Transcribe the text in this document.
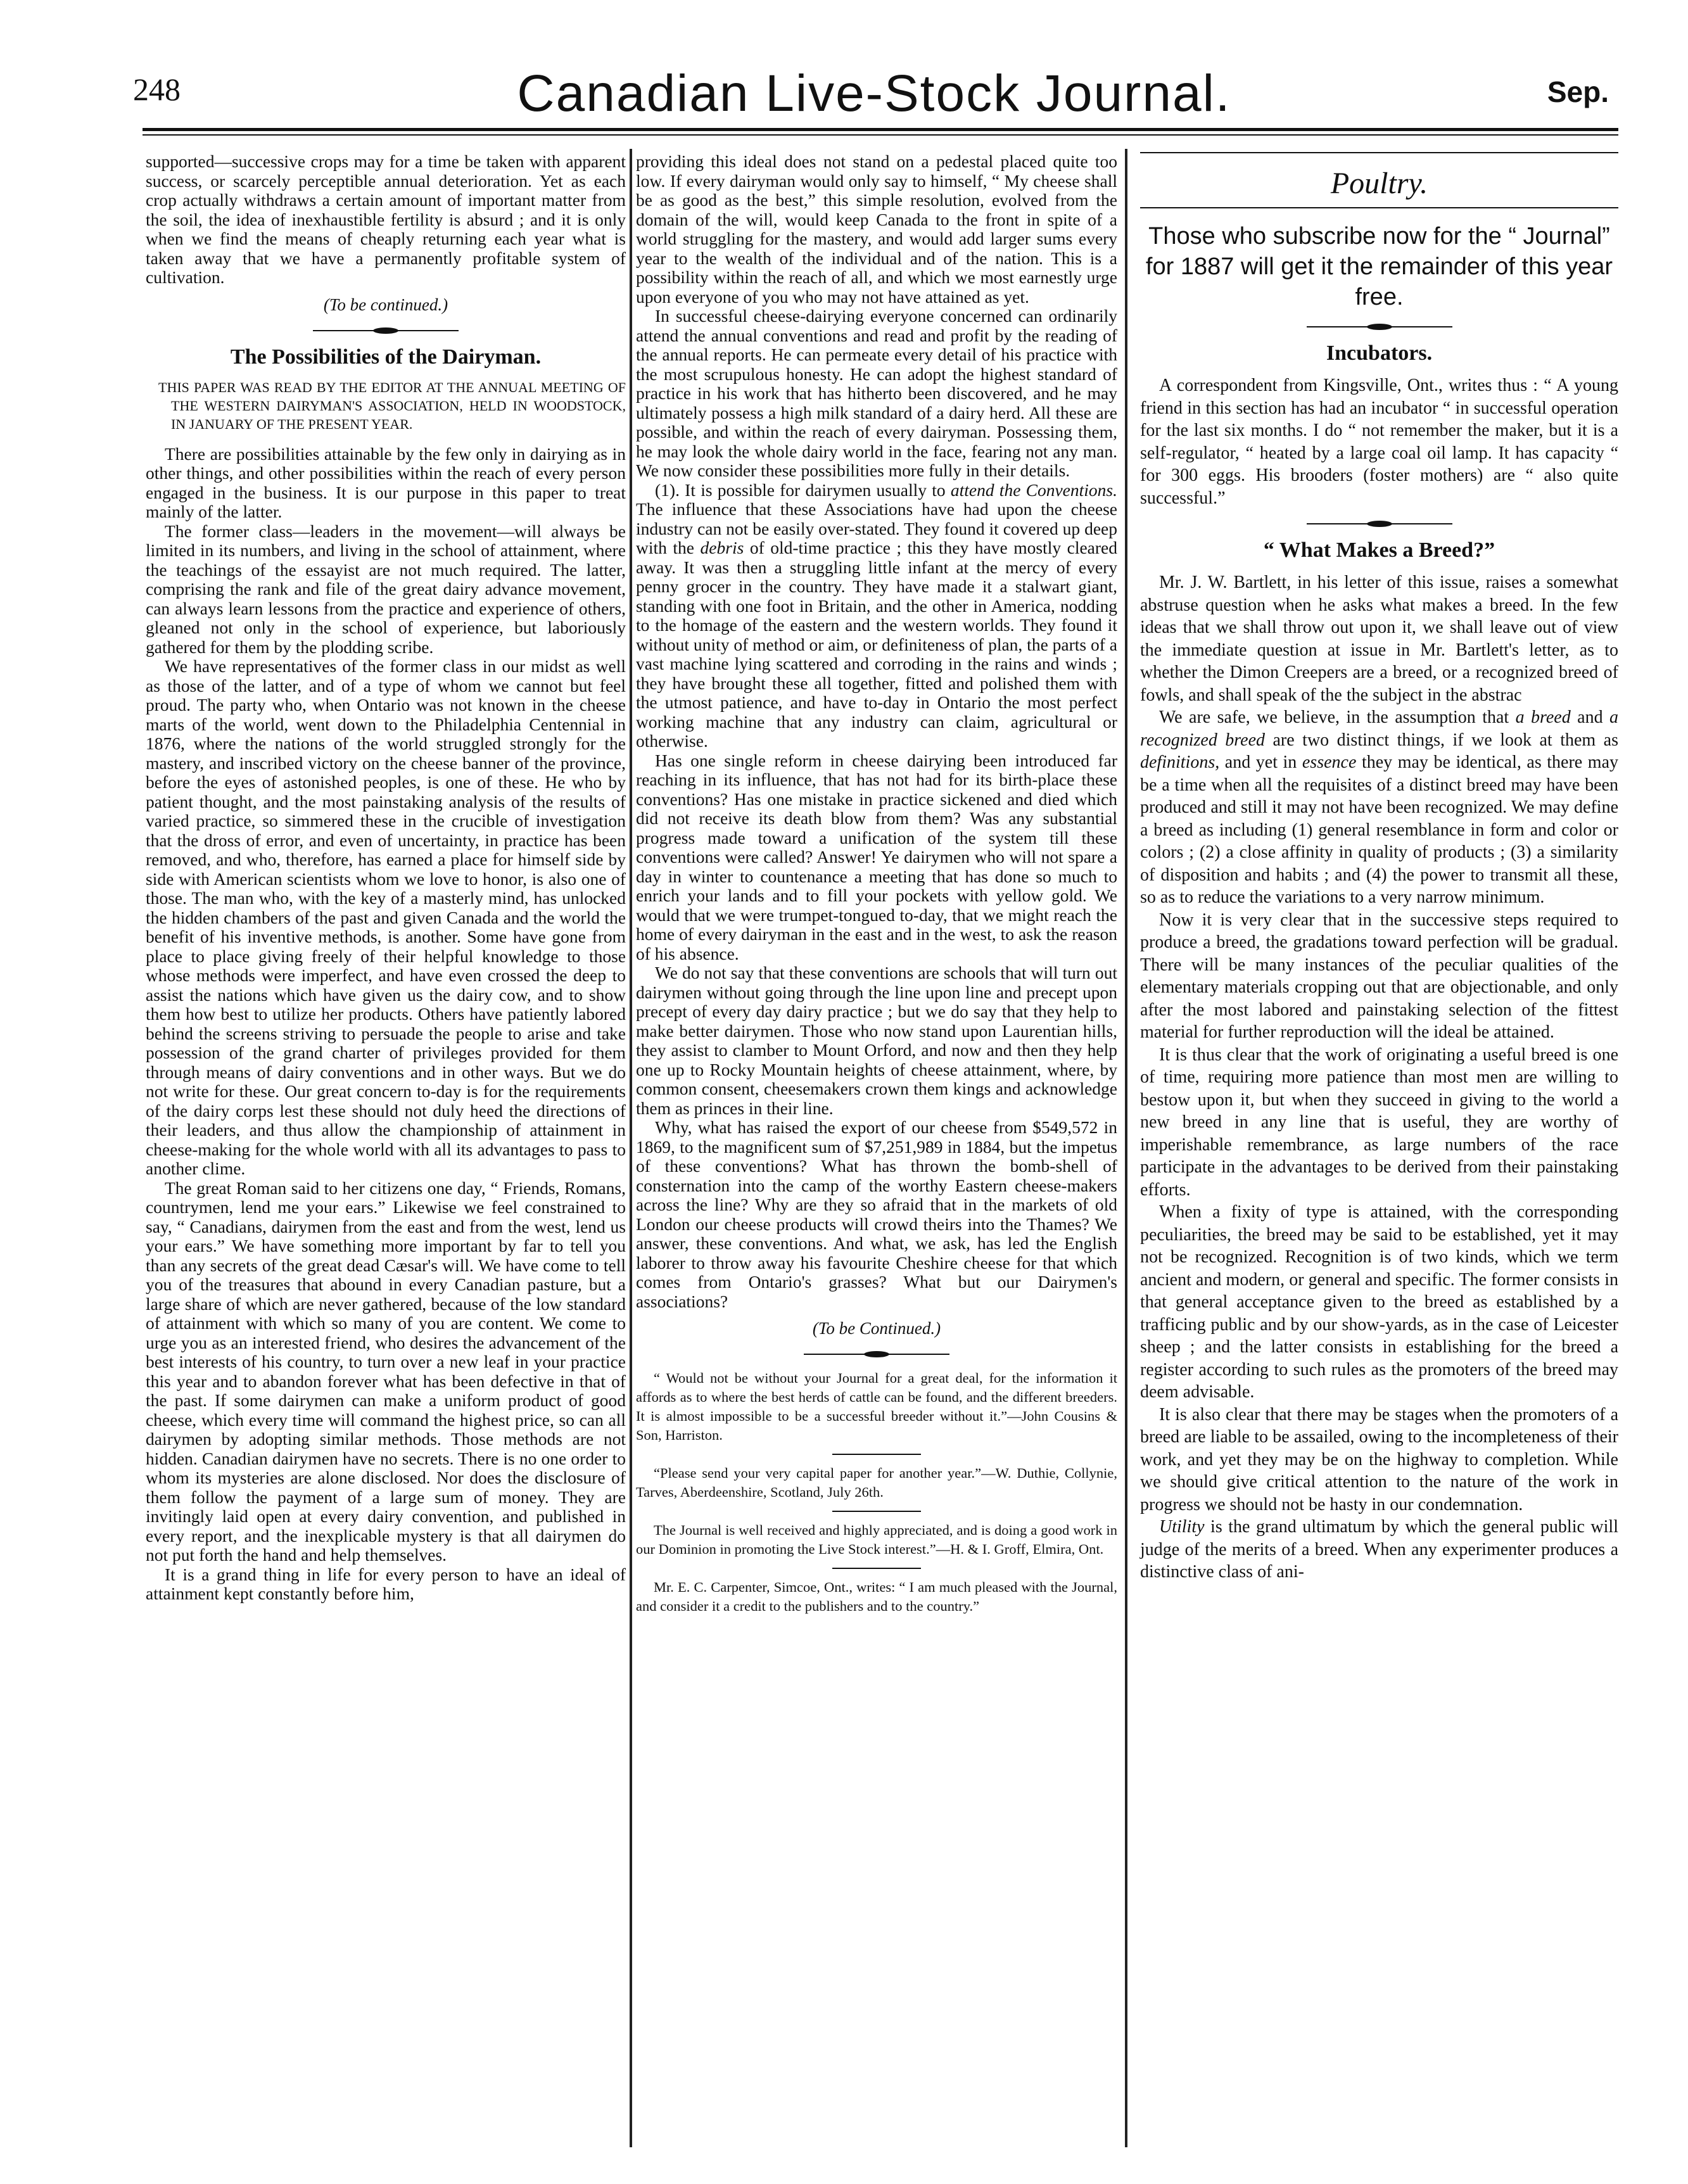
248	Canadian Live-Stock Journal.	Sep.

supported—successive crops may for a time be taken with apparent success, or scarcely perceptible annual deterioration. Yet as each crop actually withdraws a certain amount of important matter from the soil, the idea of inexhaustible fertility is absurd ; and it is only when we find the means of cheaply returning each year what is taken away that we have a permanently profitable system of cultivation.

(To be continued.)
The Possibilities of the Dairyman.
THIS PAPER WAS READ BY THE EDITOR AT THE ANNUAL MEETING OF THE WESTERN DAIRYMAN'S ASSOCIATION, HELD IN WOODSTOCK, IN JANUARY OF THE PRESENT YEAR.

There are possibilities attainable by the few only in dairying as in other things, and other possibilities within the reach of every person engaged in the business. It is our purpose in this paper to treat mainly of the latter.

The former class—leaders in the movement—will always be limited in its numbers, and living in the school of attainment, where the teachings of the essayist are not much required. The latter, comprising the rank and file of the great dairy advance movement, can always learn lessons from the practice and experience of others, gleaned not only in the school of experience, but laboriously gathered for them by the plodding scribe.

We have representatives of the former class in our midst as well as those of the latter, and of a type of whom we cannot but feel proud. The party who, when Ontario was not known in the cheese marts of the world, went down to the Philadelphia Centennial in 1876, where the nations of the world struggled strongly for the mastery, and inscribed victory on the cheese banner of the province, before the eyes of astonished peoples, is one of these. He who by patient thought, and the most painstaking analysis of the results of varied practice, so simmered these in the crucible of investigation that the dross of error, and even of uncertainty, in practice has been removed, and who, therefore, has earned a place for himself side by side with American scientists whom we love to honor, is also one of those. The man who, with the key of a masterly mind, has unlocked the hidden chambers of the past and given Canada and the world the benefit of his inventive methods, is another. Some have gone from place to place giving freely of their helpful knowledge to those whose methods were imperfect, and have even crossed the deep to assist the nations which have given us the dairy cow, and to show them how best to utilize her products. Others have patiently labored behind the screens striving to persuade the people to arise and take possession of the grand charter of privileges provided for them through means of dairy conventions and in other ways. But we do not write for these. Our great concern to-day is for the requirements of the dairy corps lest these should not duly heed the directions of their leaders, and thus allow the championship of attainment in cheese-making for the whole world with all its advantages to pass to another clime.

The great Roman said to her citizens one day, “ Friends, Romans, countrymen, lend me your ears.” Likewise we feel constrained to say, “ Canadians, dairymen from the east and from the west, lend us your ears.” We have something more important by far to tell you than any secrets of the great dead Cæsar's will. We have come to tell you of the treasures that abound in every Canadian pasture, but a large share of which are never gathered, because of the low standard of attainment with which so many of you are content. We come to urge you as an interested friend, who desires the advancement of the best interests of his country, to turn over a new leaf in your practice this year and to abandon forever what has been defective in that of the past. If some dairymen can make a uniform product of good cheese, which every time will command the highest price, so can all dairymen by adopting similar methods. Those methods are not hidden. Canadian dairymen have no secrets. There is no one order to whom its mysteries are alone disclosed. Nor does the disclosure of them follow the payment of a large sum of money. They are invitingly laid open at every dairy convention, and published in every report, and the inexplicable mystery is that all dairymen do not put forth the hand and help themselves.

It is a grand thing in life for every person to have an ideal of attainment kept constantly before him,

providing this ideal does not stand on a pedestal placed quite too low. If every dairyman would only say to himself, “ My cheese shall be as good as the best,” this simple resolution, evolved from the domain of the will, would keep Canada to the front in spite of a world struggling for the mastery, and would add larger sums every year to the wealth of the individual and of the nation. This is a possibility within the reach of all, and which we most earnestly urge upon everyone of you who may not have attained as yet.

In successful cheese-dairying everyone concerned can ordinarily attend the annual conventions and read and profit by the reading of the annual reports. He can permeate every detail of his practice with the most scrupulous honesty. He can adopt the highest standard of practice in his work that has hitherto been discovered, and he may ultimately possess a high milk standard of a dairy herd. All these are possible, and within the reach of every dairyman. Possessing them, he may look the whole dairy world in the face, fearing not any man. We now consider these possibilities more fully in their details.

(1). It is possible for dairymen usually to attend the Conventions. The influence that these Associations have had upon the cheese industry can not be easily over-stated. They found it covered up deep with the debris of old-time practice ; this they have mostly cleared away. It was then a struggling little infant at the mercy of every penny grocer in the country. They have made it a stalwart giant, standing with one foot in Britain, and the other in America, nodding to the homage of the eastern and the western worlds. They found it without unity of method or aim, or definiteness of plan, the parts of a vast machine lying scattered and corroding in the rains and winds ; they have brought these all together, fitted and polished them with the utmost patience, and have to-day in Ontario the most perfect working machine that any industry can claim, agricultural or otherwise.

Has one single reform in cheese dairying been introduced far reaching in its influence, that has not had for its birth-place these conventions? Has one mistake in practice sickened and died which did not receive its death blow from them? Was any substantial progress made toward a unification of the system till these conventions were called? Answer! Ye dairymen who will not spare a day in winter to countenance a meeting that has done so much to enrich your lands and to fill your pockets with yellow gold. We would that we were trumpet-tongued to-day, that we might reach the home of every dairyman in the east and in the west, to ask the reason of his absence.

We do not say that these conventions are schools that will turn out dairymen without going through the line upon line and precept upon precept of every day dairy practice ; but we do say that they help to make better dairymen. Those who now stand upon Laurentian hills, they assist to clamber to Mount Orford, and now and then they help one up to Rocky Mountain heights of cheese attainment, where, by common consent, cheesemakers crown them kings and acknowledge them as princes in their line.

Why, what has raised the export of our cheese from $549,572 in 1869, to the magnificent sum of $7,251,989 in 1884, but the impetus of these conventions? What has thrown the bomb-shell of consternation into the camp of the worthy Eastern cheese-makers across the line? Why are they so afraid that in the markets of old London our cheese products will crowd theirs into the Thames? We answer, these conventions. And what, we ask, has led the English laborer to throw away his favourite Cheshire cheese for that which comes from Ontario's grasses? What but our Dairymen's associations?

(To be Continued.)

“ Would not be without your Journal for a great deal, for the information it affords as to where the best herds of cattle can be found, and the different breeders. It is almost impossible to be a successful breeder without it.”—John Cousins & Son, Harriston.

“Please send your very capital paper for another year.”—W. Duthie, Collynie, Tarves, Aberdeenshire, Scotland, July 26th.

The Journal is well received and highly appreciated, and is doing a good work in our Dominion in promoting the Live Stock interest.”—H. & I. Groff, Elmira, Ont.

Mr. E. C. Carpenter, Simcoe, Ont., writes: “ I am much pleased with the Journal, and consider it a credit to the publishers and to the country.”

Poultry.
Those who subscribe now for the “ Journal” for 1887 will get it the remainder of this year free.
Incubators.

A correspondent from Kingsville, Ont., writes thus : “ A young friend in this section has had an incubator “ in successful operation for the last six months. I do “ not remember the maker, but it is a self-regulator, “ heated by a large coal oil lamp. It has capacity “ for 300 eggs. His brooders (foster mothers) are “ also quite successful.”

“ What Makes a Breed?”

Mr. J. W. Bartlett, in his letter of this issue, raises a somewhat abstruse question when he asks what makes a breed. In the few ideas that we shall throw out upon it, we shall leave out of view the immediate question at issue in Mr. Bartlett's letter, as to whether the Dimon Creepers are a breed, or a recognized breed of fowls, and shall speak of the the subject in the abstrac

We are safe, we believe, in the assumption that a breed and a recognized breed are two distinct things, if we look at them as definitions, and yet in essence they may be identical, as there may be a time when all the requisites of a distinct breed may have been produced and still it may not have been recognized. We may define a breed as including (1) general resemblance in form and color or colors ; (2) a close affinity in quality of products ; (3) a similarity of disposition and habits ; and (4) the power to transmit all these, so as to reduce the variations to a very narrow minimum.

Now it is very clear that in the successive steps required to produce a breed, the gradations toward perfection will be gradual. There will be many instances of the peculiar qualities of the elementary materials cropping out that are objectionable, and only after the most labored and painstaking selection of the fittest material for further reproduction will the ideal be attained.

It is thus clear that the work of originating a useful breed is one of time, requiring more patience than most men are willing to bestow upon it, but when they succeed in giving to the world a new breed in any line that is useful, they are worthy of imperishable remembrance, as large numbers of the race participate in the advantages to be derived from their painstaking efforts.

When a fixity of type is attained, with the corresponding peculiarities, the breed may be said to be established, yet it may not be recognized. Recognition is of two kinds, which we term ancient and modern, or general and specific. The former consists in that general acceptance given to the breed as established by a trafficing public and by our show-yards, as in the case of Leicester sheep ; and the latter consists in establishing for the breed a register according to such rules as the promoters of the breed may deem advisable.

It is also clear that there may be stages when the promoters of a breed are liable to be assailed, owing to the incompleteness of their work, and yet they may be on the highway to completion. While we should give critical attention to the nature of the work in progress we should not be hasty in our condemnation.

Utility is the grand ultimatum by which the general public will judge of the merits of a breed. When any experimenter produces a distinctive class of ani-
